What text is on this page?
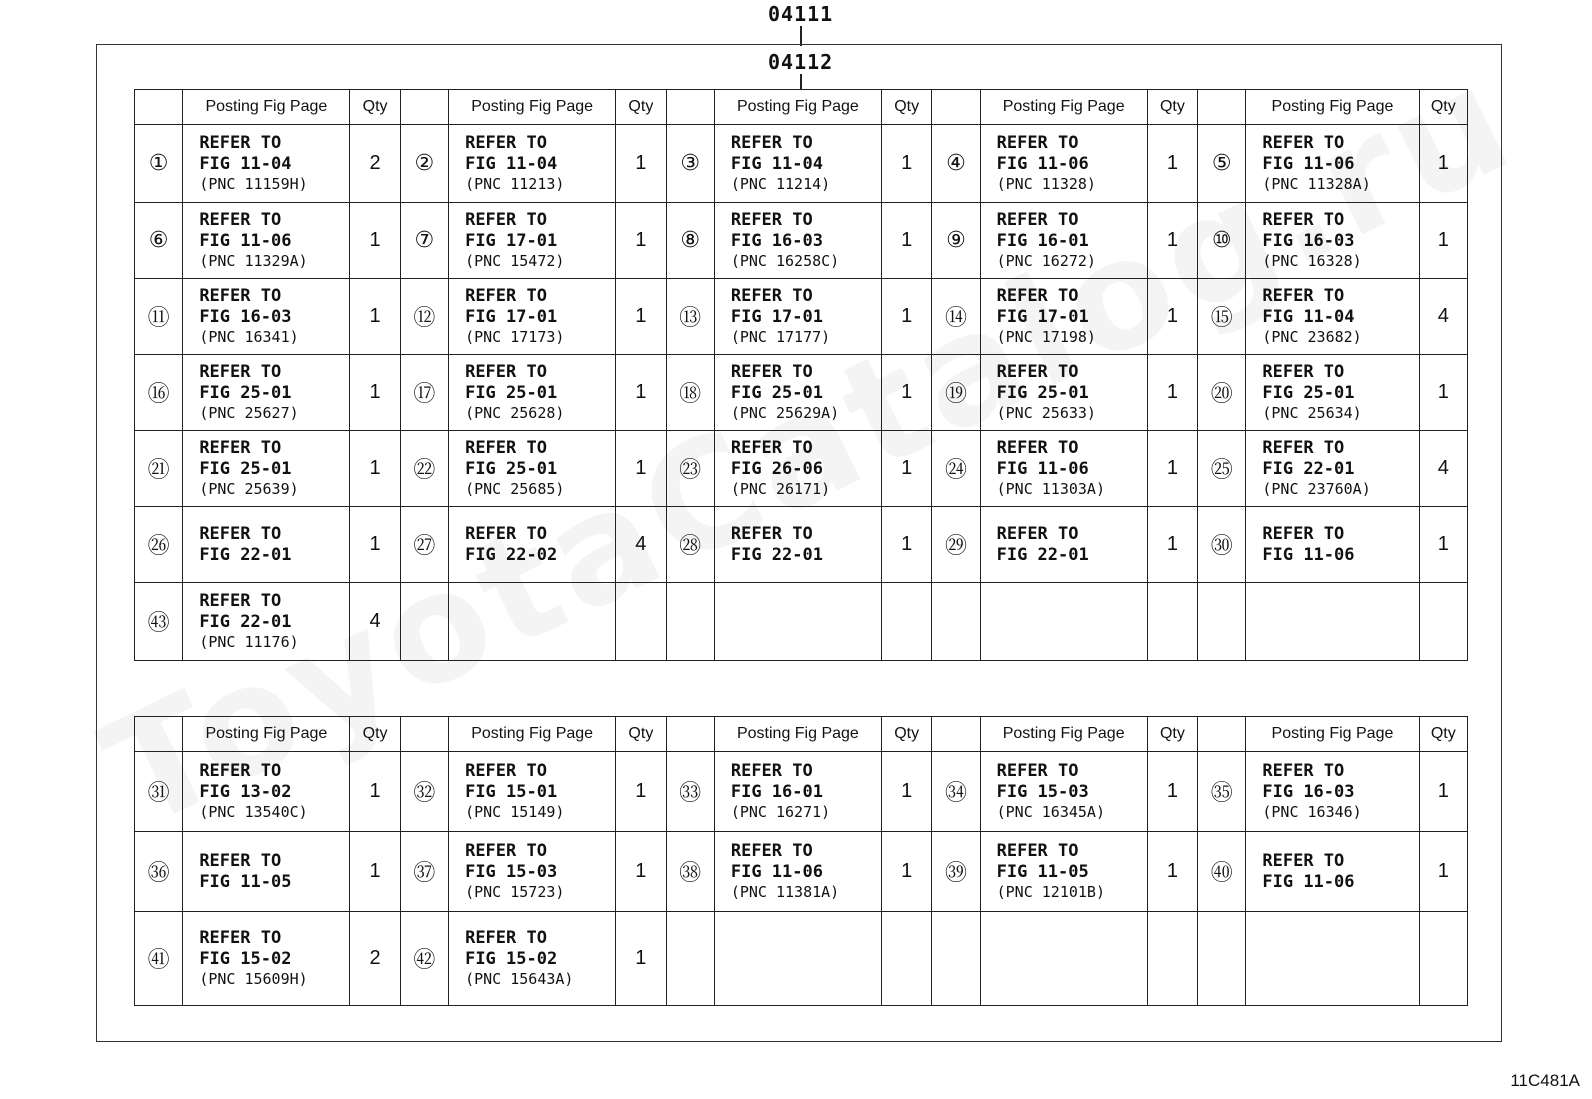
04111
04112
	Posting Fig Page	Qty		Posting Fig Page	Qty		Posting Fig Page	Qty		Posting Fig Page	Qty		Posting Fig Page	Qty
①	REFER TO
FIG 11-04
(PNC 11159H)	2	②	REFER TO
FIG 11-04
(PNC 11213)	1	③	REFER TO
FIG 11-04
(PNC 11214)	1	④	REFER TO
FIG 11-06
(PNC 11328)	1	⑤	REFER TO
FIG 11-06
(PNC 11328A)	1
⑥	REFER TO
FIG 11-06
(PNC 11329A)	1	⑦	REFER TO
FIG 17-01
(PNC 15472)	1	⑧	REFER TO
FIG 16-03
(PNC 16258C)	1	⑨	REFER TO
FIG 16-01
(PNC 16272)	1	⑩	REFER TO
FIG 16-03
(PNC 16328)	1
⑪	REFER TO
FIG 16-03
(PNC 16341)	1	⑫	REFER TO
FIG 17-01
(PNC 17173)	1	⑬	REFER TO
FIG 17-01
(PNC 17177)	1	⑭	REFER TO
FIG 17-01
(PNC 17198)	1	⑮	REFER TO
FIG 11-04
(PNC 23682)	4
⑯	REFER TO
FIG 25-01
(PNC 25627)	1	⑰	REFER TO
FIG 25-01
(PNC 25628)	1	⑱	REFER TO
FIG 25-01
(PNC 25629A)	1	⑲	REFER TO
FIG 25-01
(PNC 25633)	1	⑳	REFER TO
FIG 25-01
(PNC 25634)	1
㉑	REFER TO
FIG 25-01
(PNC 25639)	1	㉒	REFER TO
FIG 25-01
(PNC 25685)	1	㉓	REFER TO
FIG 26-06
(PNC 26171)	1	㉔	REFER TO
FIG 11-06
(PNC 11303A)	1	㉕	REFER TO
FIG 22-01
(PNC 23760A)	4
㉖	REFER TO
FIG 22-01	1	㉗	REFER TO
FIG 22-02	4	㉘	REFER TO
FIG 22-01	1	㉙	REFER TO
FIG 22-01	1	㉚	REFER TO
FIG 11-06	1
㊸	REFER TO
FIG 22-01
(PNC 11176)	4		

	Posting Fig Page	Qty		Posting Fig Page	Qty		Posting Fig Page	Qty		Posting Fig Page	Qty		Posting Fig Page	Qty
㉛	REFER TO
FIG 13-02
(PNC 13540C)	1	㉜	REFER TO
FIG 15-01
(PNC 15149)	1	㉝	REFER TO
FIG 16-01
(PNC 16271)	1	㉞	REFER TO
FIG 15-03
(PNC 16345A)	1	㉟	REFER TO
FIG 16-03
(PNC 16346)	1
㊱	REFER TO
FIG 11-05	1	㊲	REFER TO
FIG 15-03
(PNC 15723)	1	㊳	REFER TO
FIG 11-06
(PNC 11381A)	1	㊴	REFER TO
FIG 11-05
(PNC 12101B)	1	㊵	REFER TO
FIG 11-06	1
㊶	REFER TO
FIG 15-02
(PNC 15609H)	2	㊷	REFER TO
FIG 15-02
(PNC 15643A)	1		

11C481A
